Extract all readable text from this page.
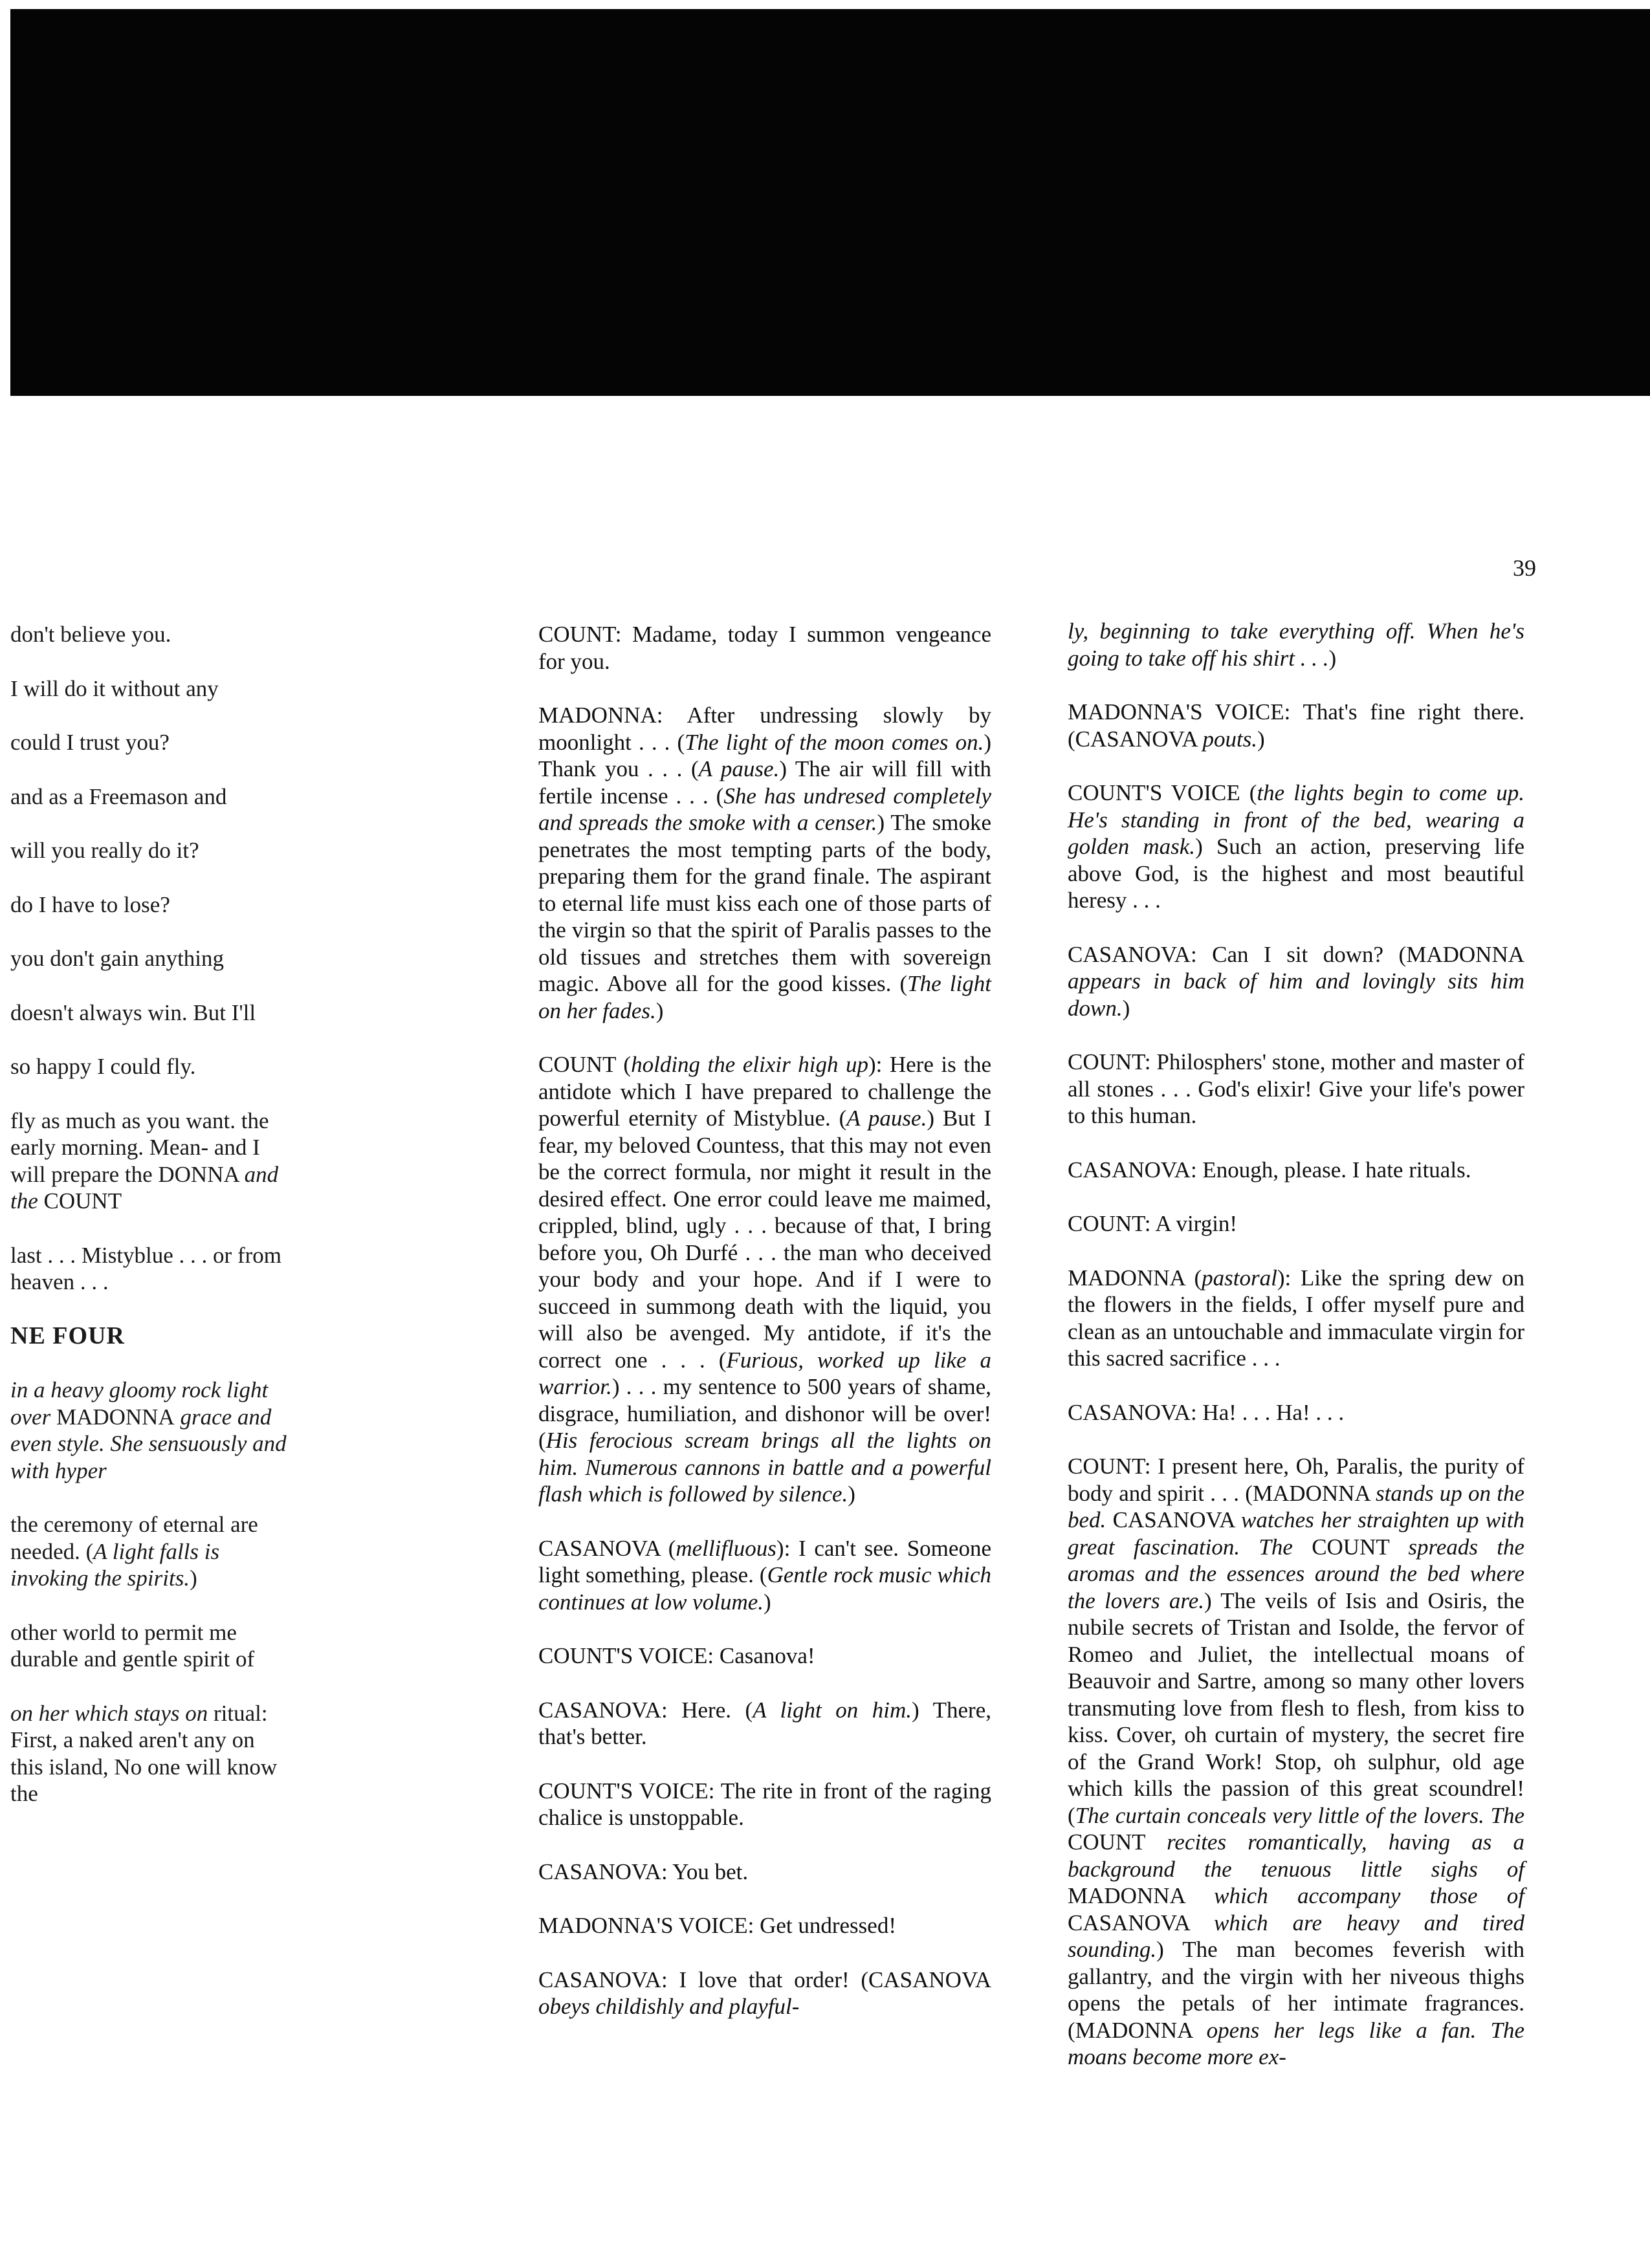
39

don't believe you.

I will do it without any

could I trust you?

and as a Freemason and

will you really do it?

do I have to lose?

you don't gain anything

doesn't always win. But I'll

so happy I could fly.

fly as much as you want. the early morning. Mean- and I will prepare the DONNA and the COUNT

last . . . Mistyblue . . . or from heaven . . .

NE FOUR

in a heavy gloomy rock light over MADONNA grace and even style. She sensuously and with hyper

the ceremony of eternal are needed. (A light falls is invoking the spirits.)

other world to permit me durable and gentle spirit of

on her which stays on ritual: First, a naked aren't any on this island, No one will know the

COUNT: Madame, today I summon vengeance for you.

MADONNA: After undressing slowly by moonlight . . . (The light of the moon comes on.) Thank you . . . (A pause.) The air will fill with fertile incense . . . (She has undresed completely and spreads the smoke with a censer.) The smoke penetrates the most tempting parts of the body, preparing them for the grand finale. The aspirant to eternal life must kiss each one of those parts of the virgin so that the spirit of Paralis passes to the old tissues and stretches them with sovereign magic. Above all for the good kisses. (The light on her fades.)

COUNT (holding the elixir high up): Here is the antidote which I have prepared to challenge the powerful eternity of Mistyblue. (A pause.) But I fear, my beloved Countess, that this may not even be the correct formula, nor might it result in the desired effect. One error could leave me maimed, crippled, blind, ugly . . . because of that, I bring before you, Oh Durfé . . . the man who deceived your body and your hope. And if I were to succeed in summong death with the liquid, you will also be avenged. My antidote, if it's the correct one . . . (Furious, worked up like a warrior.) . . . my sentence to 500 years of shame, disgrace, humiliation, and dishonor will be over! (His ferocious scream brings all the lights on him. Numerous cannons in battle and a powerful flash which is followed by silence.)

CASANOVA (mellifluous): I can't see. Someone light something, please. (Gentle rock music which continues at low volume.)

COUNT'S VOICE: Casanova!

CASANOVA: Here. (A light on him.) There, that's better.

COUNT'S VOICE: The rite in front of the raging chalice is unstoppable.

CASANOVA: You bet.

MADONNA'S VOICE: Get undressed!

CASANOVA: I love that order! (CASANOVA obeys childishly and playful-

ly, beginning to take everything off. When he's going to take off his shirt . . .)

MADONNA'S VOICE: That's fine right there. (CASANOVA pouts.)

COUNT'S VOICE (the lights begin to come up. He's standing in front of the bed, wearing a golden mask.) Such an action, preserving life above God, is the highest and most beautiful heresy . . .

CASANOVA: Can I sit down? (MADONNA appears in back of him and lovingly sits him down.)

COUNT: Philosphers' stone, mother and master of all stones . . . God's elixir! Give your life's power to this human.

CASANOVA: Enough, please. I hate rituals.

COUNT: A virgin!

MADONNA (pastoral): Like the spring dew on the flowers in the fields, I offer myself pure and clean as an untouchable and immaculate virgin for this sacred sacrifice . . .

CASANOVA: Ha! . . . Ha! . . .

COUNT: I present here, Oh, Paralis, the purity of body and spirit . . . (MADONNA stands up on the bed. CASANOVA watches her straighten up with great fascination. The COUNT spreads the aromas and the essences around the bed where the lovers are.) The veils of Isis and Osiris, the nubile secrets of Tristan and Isolde, the fervor of Romeo and Juliet, the intellectual moans of Beauvoir and Sartre, among so many other lovers transmuting love from flesh to flesh, from kiss to kiss. Cover, oh curtain of mystery, the secret fire of the Grand Work! Stop, oh sulphur, old age which kills the passion of this great scoundrel! (The curtain conceals very little of the lovers. The COUNT recites romantically, having as a background the tenuous little sighs of MADONNA which accompany those of CASANOVA which are heavy and tired sounding.) The man becomes feverish with gallantry, and the virgin with her niveous thighs opens the petals of her intimate fragrances. (MADONNA opens her legs like a fan. The moans become more ex-
